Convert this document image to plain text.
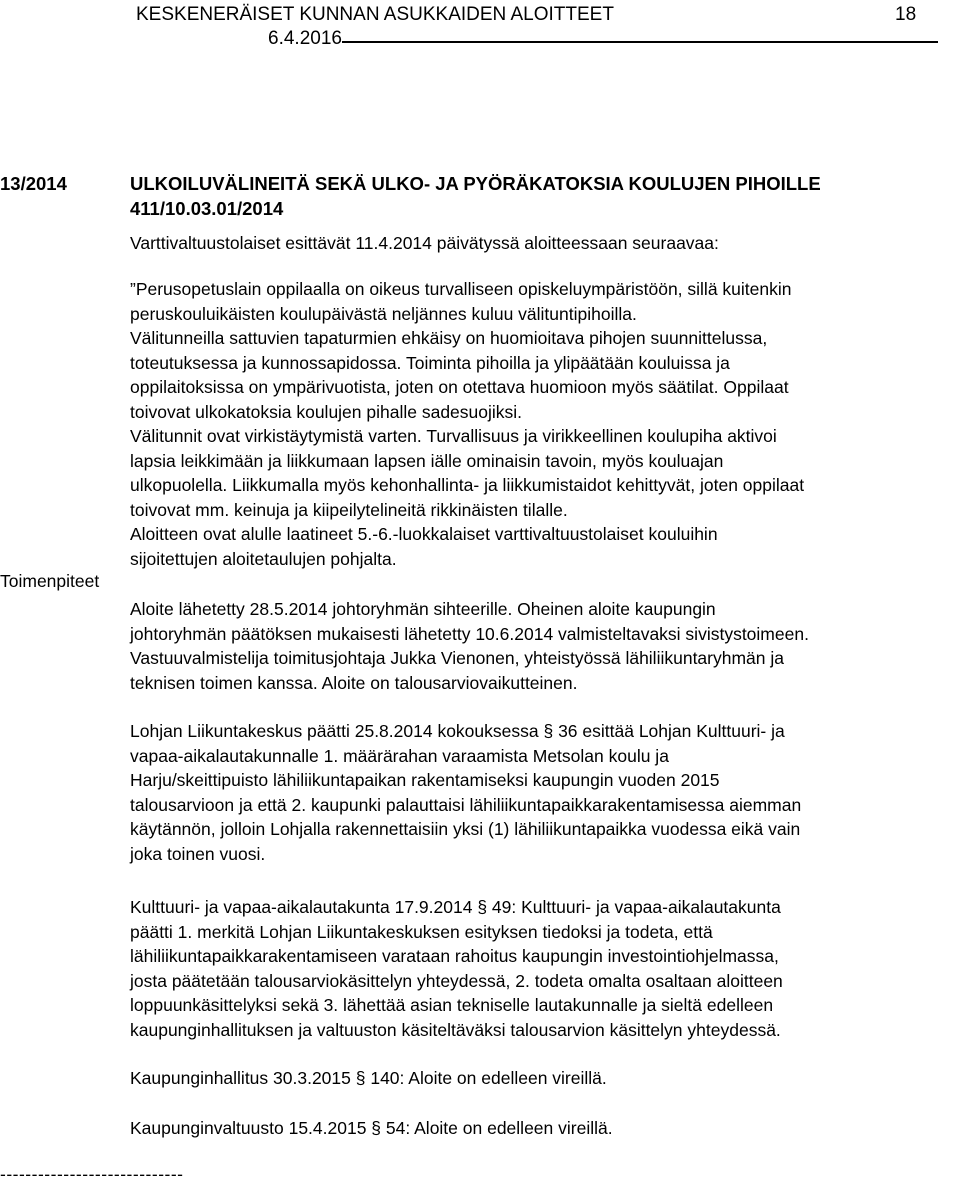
KESKENERÄISET KUNNAN ASUKKAIDEN ALOITTEET	18
6.4.2016
13/2014	ULKOILUVÄLINEITÄ SEKÄ ULKO- JA PYÖRÄKATOKSIA KOULUJEN PIHOILLE
411/10.03.01/2014
Varttivaltuustolaiset esittävät 11.4.2014 päivätyssä aloitteessaan seuraavaa:
”Perusopetuslain oppilaalla on oikeus turvalliseen opiskeluympäristöön, sillä kuitenkin
peruskouluikäisten koulupäivästä neljännes kuluu välituntipihoilla.
Välitunneilla sattuvien tapaturmien ehkäisy on huomioitava pihojen suunnittelussa,
toteutuksessa ja kunnossapidossa. Toiminta pihoilla ja ylipäätään kouluissa ja
oppilaitoksissa on ympärivuotista, joten on otettava huomioon myös säätilat. Oppilaat
toivovat ulkokatoksia koulujen pihalle sadesuojiksi.
Välitunnit ovat virkistäytymistä varten. Turvallisuus ja virikkeellinen koulupiha aktivoi
lapsia leikkimään ja liikkumaan lapsen iälle ominaisin tavoin, myös kouluajan
ulkopuolella. Liikkumalla myös kehonhallinta- ja liikkumistaidot kehittyvät, joten oppilaat
toivovat mm. keinuja ja kiipeilytelineitä rikkinäisten tilalle.
Aloitteen ovat alulle laatineet 5.-6.-luokkalaiset varttivaltuustolaiset kouluihin
sijoitettujen aloitetaulujen pohjalta.
Toimenpiteet
Aloite lähetetty 28.5.2014 johtoryhmän sihteerille. Oheinen aloite kaupungin
johtoryhmän päätöksen mukaisesti lähetetty 10.6.2014 valmisteltavaksi sivistystoimeen.
Vastuuvalmistelija toimitusjohtaja Jukka Vienonen, yhteistyössä lähiliikuntaryhmän ja
teknisen toimen kanssa. Aloite on talousarviovaikutteinen.
Lohjan Liikuntakeskus päätti 25.8.2014 kokouksessa § 36 esittää Lohjan Kulttuuri- ja
vapaa-aikalautakunnalle 1. määrärahan varaamista Metsolan koulu ja
Harju/skeittipuisto lähiliikuntapaikan rakentamiseksi kaupungin vuoden 2015
talousarvioon ja että 2. kaupunki palauttaisi lähiliikuntapaikkarakentamisessa aiemman
käytännön, jolloin Lohjalla rakennettaisiin yksi (1) lähiliikuntapaikka vuodessa eikä vain
joka toinen vuosi.
Kulttuuri- ja vapaa-aikalautakunta 17.9.2014 § 49: Kulttuuri- ja vapaa-aikalautakunta
päätti 1. merkitä Lohjan Liikuntakeskuksen esityksen tiedoksi ja todeta, että
lähiliikuntapaikkarakentamiseen varataan rahoitus kaupungin investointiohjelmassa,
josta päätetään talousarviokäsittelyn yhteydessä, 2. todeta omalta osaltaan aloitteen
loppuunkäsittelyksi sekä 3. lähettää asian tekniselle lautakunnalle ja sieltä edelleen
kaupunginhallituksen ja valtuuston käsiteltäväksi talousarvion käsittelyn yhteydessä.
Kaupunginhallitus 30.3.2015 § 140: Aloite on edelleen vireillä.
Kaupunginvaltuusto 15.4.2015 § 54: Aloite on edelleen vireillä.
-----------------------------
